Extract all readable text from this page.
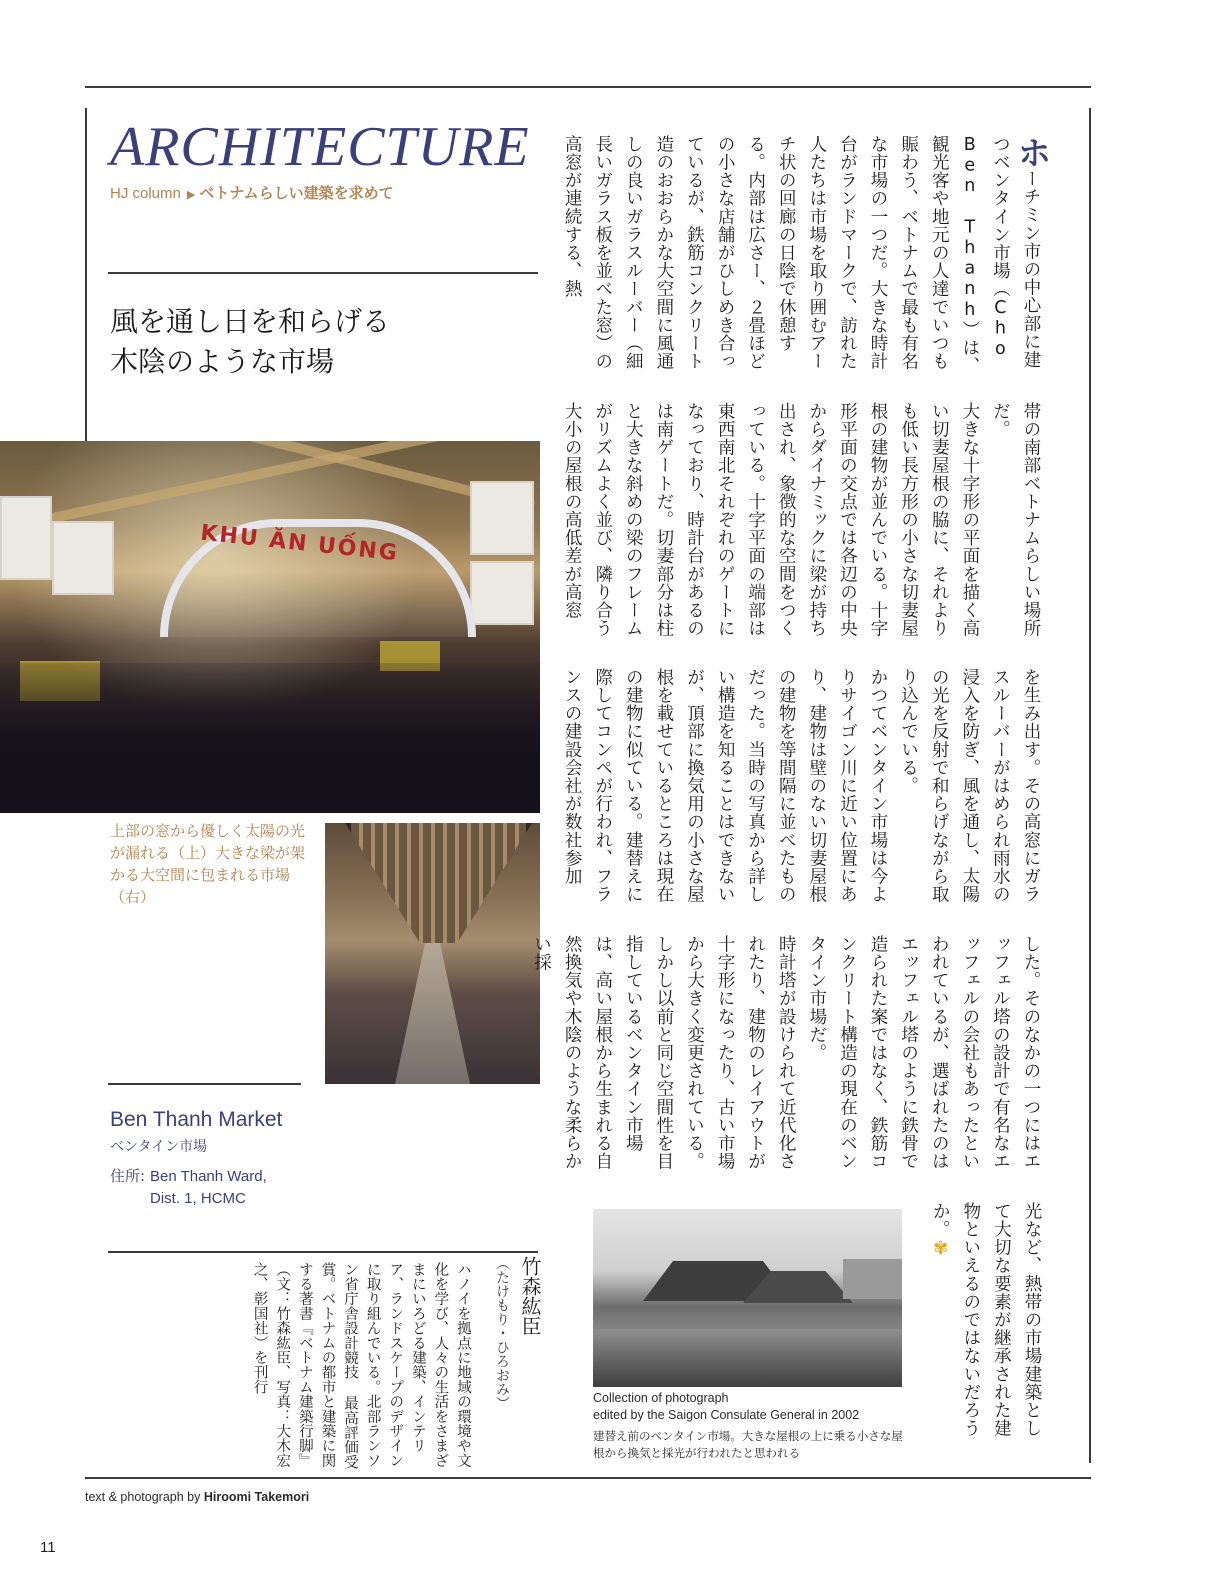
ARCHITECTURE
HJ column ▶ ベトナムらしい建築を求めて
風を通し日を和らげる
木陰のような市場
KHU ĂN UỐNG
上部の窓から優しく太陽の光が漏れる（上）大きな梁が架かる大空間に包まれる市場（右）
Ben Thanh Market
ベンタイン市場
住所: Ben Thanh Ward,
Dist. 1, HCMC
竹森紘臣
（たけもり・ひろおみ）
ハノイを拠点に地域の環境や文化を学び、人々の生活をさまざまにいろどる建築、インテリア、ランドスケープのデザインに取り組んでいる。北部ランソン省庁舎設計競技 最高評価受賞。ベトナムの都市と建築に関する著書『ベトナム建築行脚』（文：竹森紘臣、写真：大木宏之、彰国社）を刊行
ホーチミン市の中心部に建つベンタイン市場（Cho Ben Thanh）は、観光客や地元の人達でいつも賑わう、ベトナムで最も有名な市場の一つだ。大きな時計台がランドマークで、訪れた人たちは市場を取り囲むアーチ状の回廊の日陰で休憩する。内部は広さー、２畳ほどの小さな店舗がひしめき合っているが、鉄筋コンクリート造のおおらかな大空間に風通しの良いガラスルーバー（細長いガラス板を並べた窓）の高窓が連続する、熱
帯の南部ベトナムらしい場所だ。
大きな十字形の平面を描く高い切妻屋根の脇に、それよりも低い長方形の小さな切妻屋根の建物が並んでいる。十字形平面の交点では各辺の中央からダイナミックに梁が持ち出され、象徴的な空間をつくっている。十字平面の端部は東西南北それぞれのゲートになっており、時計台があるのは南ゲートだ。切妻部分は柱と大きな斜めの梁のフレームがリズムよく並び、隣り合う大小の屋根の高低差が高窓
を生み出す。その高窓にガラスルーバーがはめられ雨水の浸入を防ぎ、風を通し、太陽の光を反射で和らげながら取り込んでいる。
かつてベンタイン市場は今よりサイゴン川に近い位置にあり、建物は壁のない切妻屋根の建物を等間隔に並べたものだった。当時の写真から詳しい構造を知ることはできないが、頂部に換気用の小さな屋根を載せているところは現在の建物に似ている。建替えに際してコンペが行われ、フランスの建設会社が数社参加
した。そのなかの一つにはエッフェル塔の設計で有名なエッフェルの会社もあったといわれているが、選ばれたのはエッフェル塔のように鉄骨で造られた案ではなく、鉄筋コンクリート構造の現在のベンタイン市場だ。
時計塔が設けられて近代化されたり、建物のレイアウトが十字形になったり、古い市場から大きく変更されている。しかし以前と同じ空間性を目指しているベンタイン市場は、高い屋根から生まれる自然換気や木陰のような柔らかい採
光など、熱帯の市場建築として大切な要素が継承された建物といえるのではないだろうか。✾
Collection of photograph
edited by the Saigon Consulate General in 2002
建替え前のベンタイン市場。大きな屋根の上に乗る小さな屋根から換気と採光が行われたと思われる
text & photograph by Hiroomi Takemori
11
